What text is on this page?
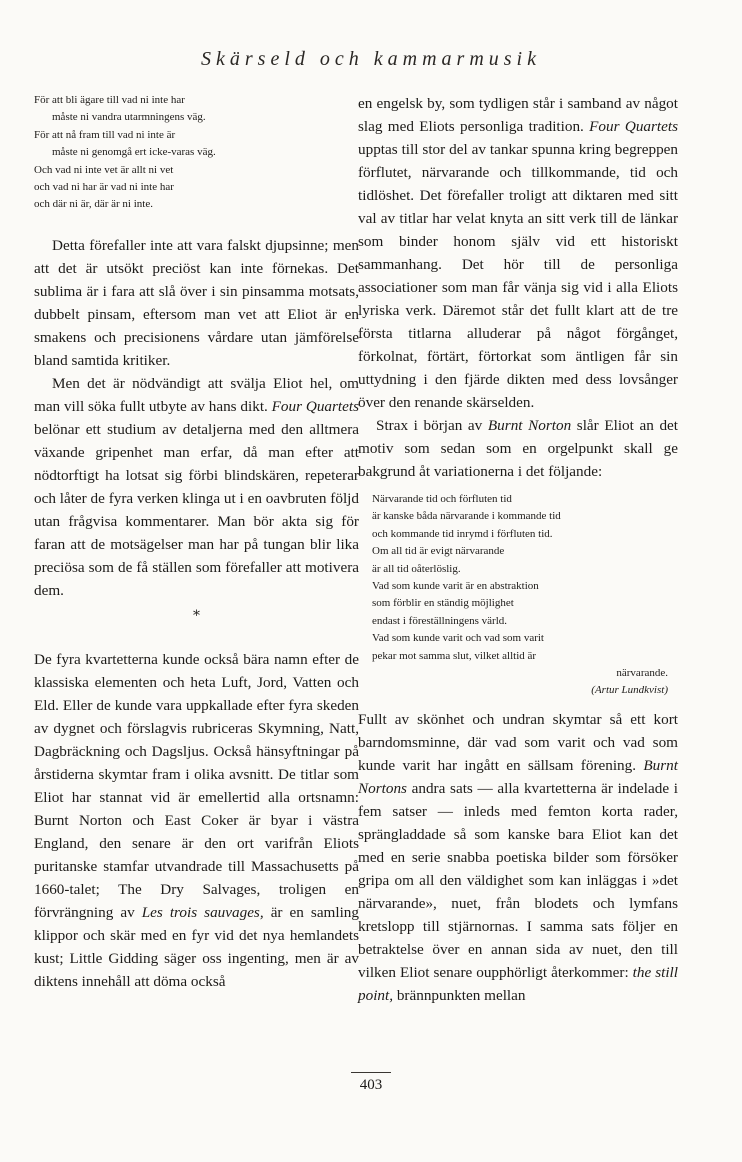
Skärseld och kammarmusik
För att bli ägare till vad ni inte har
måste ni vandra utarmningens väg.
För att nå fram till vad ni inte är
måste ni genomgå ert icke-varas väg.
Och vad ni inte vet är allt ni vet
och vad ni har är vad ni inte har
och där ni är, där är ni inte.

Detta förefaller inte att vara falskt djupsinne; men att det är utsökt preciöst kan inte förnekas. Det sublima är i fara att slå över i sin pinsamma motsats, dubbelt pinsam, eftersom man vet att Eliot är en smakens och precisionens vårdare utan jämförelse bland samtida kritiker.

Men det är nödvändigt att svälja Eliot hel, om man vill söka fullt utbyte av hans dikt. Four Quartets belönar ett studium av detaljerna med den alltmera växande gripenhet man erfar, då man efter att nödtorftigt ha lotsat sig förbi blindskären, repeterar och låter de fyra verken klinga ut i en oavbruten följd utan frågvisa kommentarer. Man bör akta sig för faran att de motsägelser man har på tungan blir lika preciösa som de få ställen som förefaller att motivera dem.

*

De fyra kvartetterna kunde också bära namn efter de klassiska elementen och heta Luft, Jord, Vatten och Eld. Eller de kunde vara uppkallade efter fyra skeden av dygnet och förslagvis rubriceras Skymning, Natt, Dagbräckning och Dagsljus. Också hänsyftningar på årstiderna skymtar fram i olika avsnitt. De titlar som Eliot har stannat vid är emellertid alla ortsnamn: Burnt Norton och East Coker är byar i västra England, den senare är den ort varifrån Eliots puritanske stamfar utvandrade till Massachusetts på 1660-talet; The Dry Salvages, troligen en förvrängning av Les trois sauvages, är en samling klippor och skär med en fyr vid det nya hemlandets kust; Little Gidding säger oss ingenting, men är av diktens innehåll att döma också

en engelsk by, som tydligen står i samband av något slag med Eliots personliga tradition. Four Quartets upptas till stor del av tankar spunna kring begreppen förflutet, närvarande och tillkommande, tid och tidlöshet. Det förefaller troligt att diktaren med sitt val av titlar har velat knyta an sitt verk till de länkar som binder honom själv vid ett historiskt sammanhang. Det hör till de personliga associationer som man får vänja sig vid i alla Eliots lyriska verk. Däremot står det fullt klart att de tre första titlarna alluderar på något förgånget, förkolnat, förtärt, förtorkat som äntligen får sin uttydning i den fjärde dikten med dess lovsånger över den renande skärselden.

Strax i början av Burnt Norton slår Eliot an det motiv som sedan som en orgelpunkt skall ge bakgrund åt variationerna i det följande:

Närvarande tid och förfluten tid
är kanske båda närvarande i kommande tid
och kommande tid inrymd i förfluten tid.
Om all tid är evigt närvarande
är all tid oåterlöslig.
Vad som kunde varit är en abstraktion
som förblir en ständig möjlighet
endast i föreställningens värld.
Vad som kunde varit och vad som varit
pekar mot samma slut, vilket alltid är
närvarande.
(Artur Lundkvist)

Fullt av skönhet och undran skymtar så ett kort barndomsminne, där vad som varit och vad som kunde varit har ingått en sällsam förening. Burnt Nortons andra sats — alla kvartetterna är indelade i fem satser — inleds med femton korta rader, sprängladdade så som kanske bara Eliot kan det med en serie snabba poetiska bilder som försöker gripa om all den väldighet som kan inläggas i »det närvarande», nuet, från blodets och lymfans kretslopp till stjärnornas. I samma sats följer en betraktelse över en annan sida av nuet, den till vilken Eliot senare oupphörligt återkommer: the still point, brännpunkten mellan

403
